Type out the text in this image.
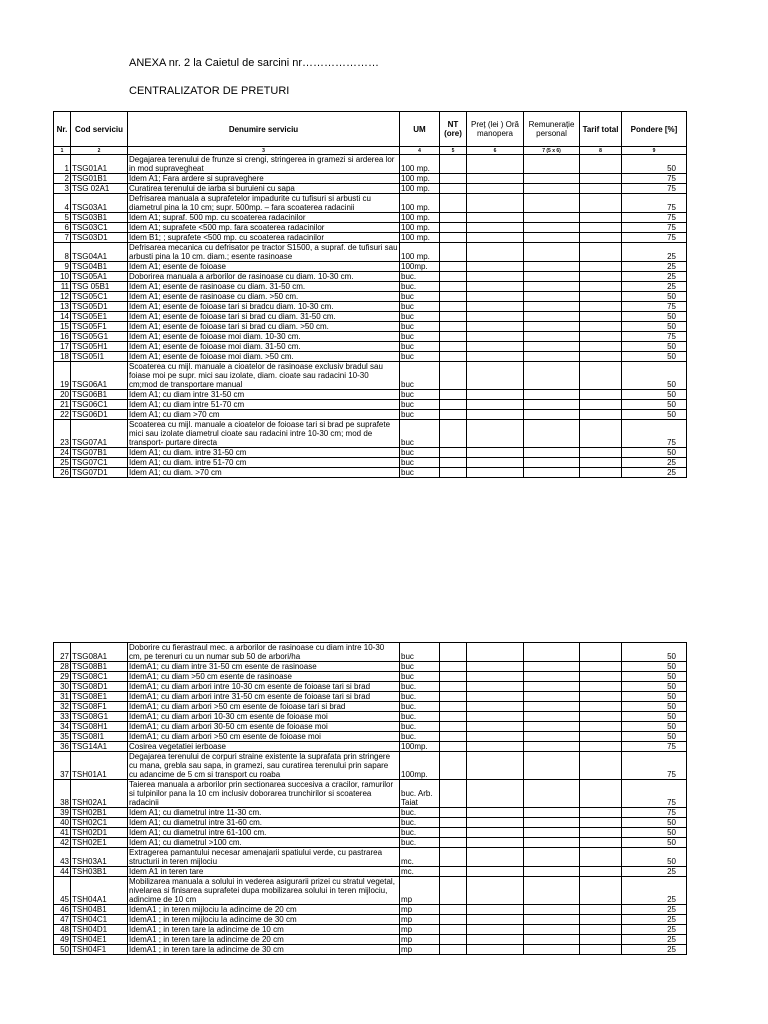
ANEXA nr. 2 la Caietul de sarcini nr…………………
CENTRALIZATOR DE PRETURI
Nr.	Cod serviciu	Denumire serviciu	UM	NT (ore)	Preț (lei ) Oră manopera	Remunerație personal	Tarif total	Pondere [%]
1	2	3	4	5	6	7 (5 x 6)	8	9
1	TSG01A1	Degajarea terenului de frunze si crengi, stringerea in gramezi si arderea lor in mod supravegheat	100 mp.					50
2	TSG01B1	Idem A1; Fara ardere si supraveghere	100 mp.					75
3	TSG 02A1	Curatirea terenului de iarba si buruieni cu sapa	100 mp.					75
4	TSG03A1	Defrisarea manuala a suprafetelor impadurite cu tufisuri si arbusti cu diametrul pina la 10 cm; supr. 500mp. – fara scoaterea radacinii	100 mp.					75
5	TSG03B1	Idem A1; supraf. 500 mp. cu scoaterea radacinilor	100 mp.					75
6	TSG03C1	Idem A1; suprafete <500 mp. fara scoaterea radacinilor	100 mp.					75
7	TSG03D1	Idem B1; ; suprafete <500 mp. cu scoaterea radacinilor	100 mp.					75
8	TSG04A1	Defrisarea mecanica cu defrisator pe tractor S1500, a supraf. de tufisuri sau arbusti pina la 10 cm. diam.; esente rasinoase	100 mp.					25
9	TSG04B1	Idem A1; esente de foioase	100mp.					25
10	TSG05A1	Doborirea manuala a arborilor de rasinoase cu diam. 10-30 cm.	buc.					25
11	TSG 05B1	Idem A1; esente de rasinoase cu diam. 31-50 cm.	buc.					25
12	TSG05C1	Idem A1; esente de rasinoase cu diam. >50 cm.	buc					50
13	TSG05D1	Idem A1; esente de foioase tari si bradcu diam. 10-30 cm.	buc					75
14	TSG05E1	Idem A1; esente de foioase tari si brad cu diam. 31-50 cm.	buc					50
15	TSG05F1	Idem A1; esente de foioase tari si brad cu diam. >50 cm.	buc					50
16	TSG05G1	Idem A1; esente de foioase moi diam. 10-30 cm.	buc					75
17	TSG05H1	Idem A1; esente de foioase moi diam. 31-50 cm.	buc					50
18	TSG05I1	Idem A1; esente de foioase moi diam. >50 cm.	buc					50
19	TSG06A1	Scoaterea cu mijl. manuale a cioatelor de rasinoase exclusiv bradul sau foiase moi pe supr. mici sau izolate, diam. cioate sau radacini 10-30 cm;mod de transportare manual	buc					50
20	TSG06B1	Idem A1; cu diam intre 31-50 cm	buc					50
21	TSG06C1	Idem A1; cu diam intre 51-70 cm	buc					50
22	TSG06D1	Idem A1; cu diam >70 cm	buc					50
23	TSG07A1	Scoaterea cu mijl. manuale a cioatelor de foioase tari si brad pe suprafete mici sau izolate diametrul cioate sau radacini intre 10-30 cm; mod de transport- purtare directa	buc					75
24	TSG07B1	Idem A1; cu diam. intre 31-50 cm	buc					50
25	TSG07C1	Idem A1; cu diam. intre 51-70 cm	buc					25
26	TSG07D1	Idem A1; cu diam. >70 cm	buc					25
27	TSG08A1	Doborire cu fierastraul mec. a arborilor de rasinoase cu diam intre 10-30 cm, pe terenuri cu un numar sub 50 de arbori/ha	buc					50
28	TSG08B1	IdemA1; cu diam intre 31-50 cm esente de rasinoase	buc					50
29	TSG08C1	IdemA1; cu diam >50 cm esente de rasinoase	buc					50
30	TSG08D1	IdemA1; cu diam arbori intre 10-30 cm esente de foioase tari si brad	buc.					50
31	TSG08E1	IdemA1; cu diam arbori intre 31-50 cm esente de foioase tari si brad	buc.					50
32	TSG08F1	IdemA1; cu diam arbori >50 cm esente de foioase tari si brad	buc.					50
33	TSG08G1	IdemA1; cu diam arbori 10-30 cm esente de foioase moi	buc.					50
34	TSG08H1	IdemA1; cu diam arbori 30-50 cm esente de foioase moi	buc.					50
35	TSG08I1	IdemA1; cu diam arbori >50 cm esente de foioase moi	buc.					50
36	TSG14A1	Cosirea vegetatiei ierboase	100mp.					75
37	TSH01A1	Degajarea terenului de corpuri straine existente la suprafata prin stringere cu mana, grebla sau sapa, in gramezi, sau curatirea terenului prin sapare cu adancime de 5 cm si transport cu roaba	100mp.					75
38	TSH02A1	Taierea manuala a arborilor prin sectionarea succesiva a cracilor, ramurilor si tulpinilor pana la 10 cm inclusiv doborarea trunchirilor si scoaterea radacinii	buc. Arb. Taiat					75
39	TSH02B1	Idem A1; cu diametrul intre 11-30 cm.	buc.					75
40	TSH02C1	Idem A1; cu diametrul intre 31-60 cm.	buc.					50
41	TSH02D1	Idem A1; cu diametrul intre 61-100 cm.	buc.					50
42	TSH02E1	Idem A1; cu diametrul >100 cm.	buc.					50
43	TSH03A1	Extragerea pamantului necesar amenajarii spatiului verde, cu pastrarea structurii in teren mijlociu	mc.					50
44	TSH03B1	Idem A1 in teren tare	mc.					25
45	TSH04A1	Mobilizarea manuala a solului in vederea asigurarii prizei cu stratul vegetal, nivelarea si finisarea suprafetei dupa mobilizarea solului in teren mijlociu, adincime de 10 cm	mp					25
46	TSH04B1	IdemA1 ; in teren mijlociu la adincime de 20 cm	mp					25
47	TSH04C1	IdemA1 ; in teren mijlociu la adincime de 30 cm	mp					25
48	TSH04D1	IdemA1 ; in teren tare la adincime de 10 cm	mp					25
49	TSH04E1	IdemA1 ; in teren tare la adincime de 20 cm	mp					25
50	TSH04F1	IdemA1 ; in teren tare la adincime de 30 cm	mp					25
